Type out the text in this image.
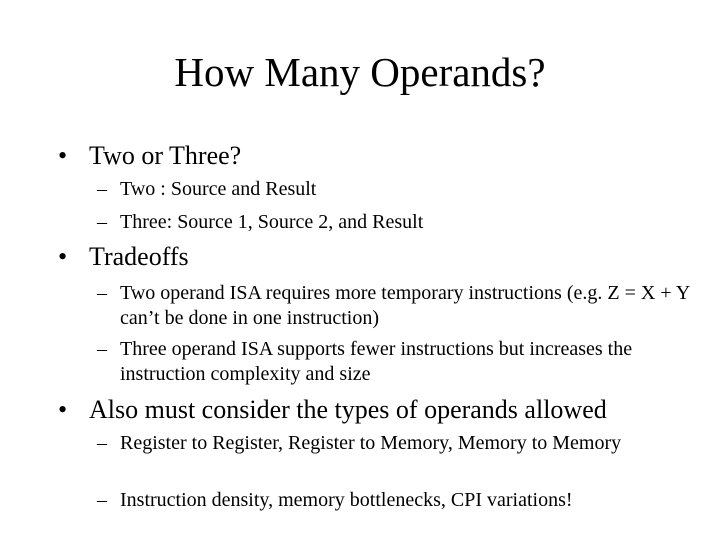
How Many Operands?
• Two or Three?
– Two : Source and Result
– Three: Source 1, Source 2, and Result
• Tradeoffs
– Two operand ISA requires more temporary instructions (e.g. Z = X + Y can’t be done in one instruction)
– Three operand ISA supports fewer instructions but increases the instruction complexity and size
• Also must consider the types of operands allowed
– Register to Register, Register to Memory, Memory to Memory
– Instruction density, memory bottlenecks, CPI variations!
